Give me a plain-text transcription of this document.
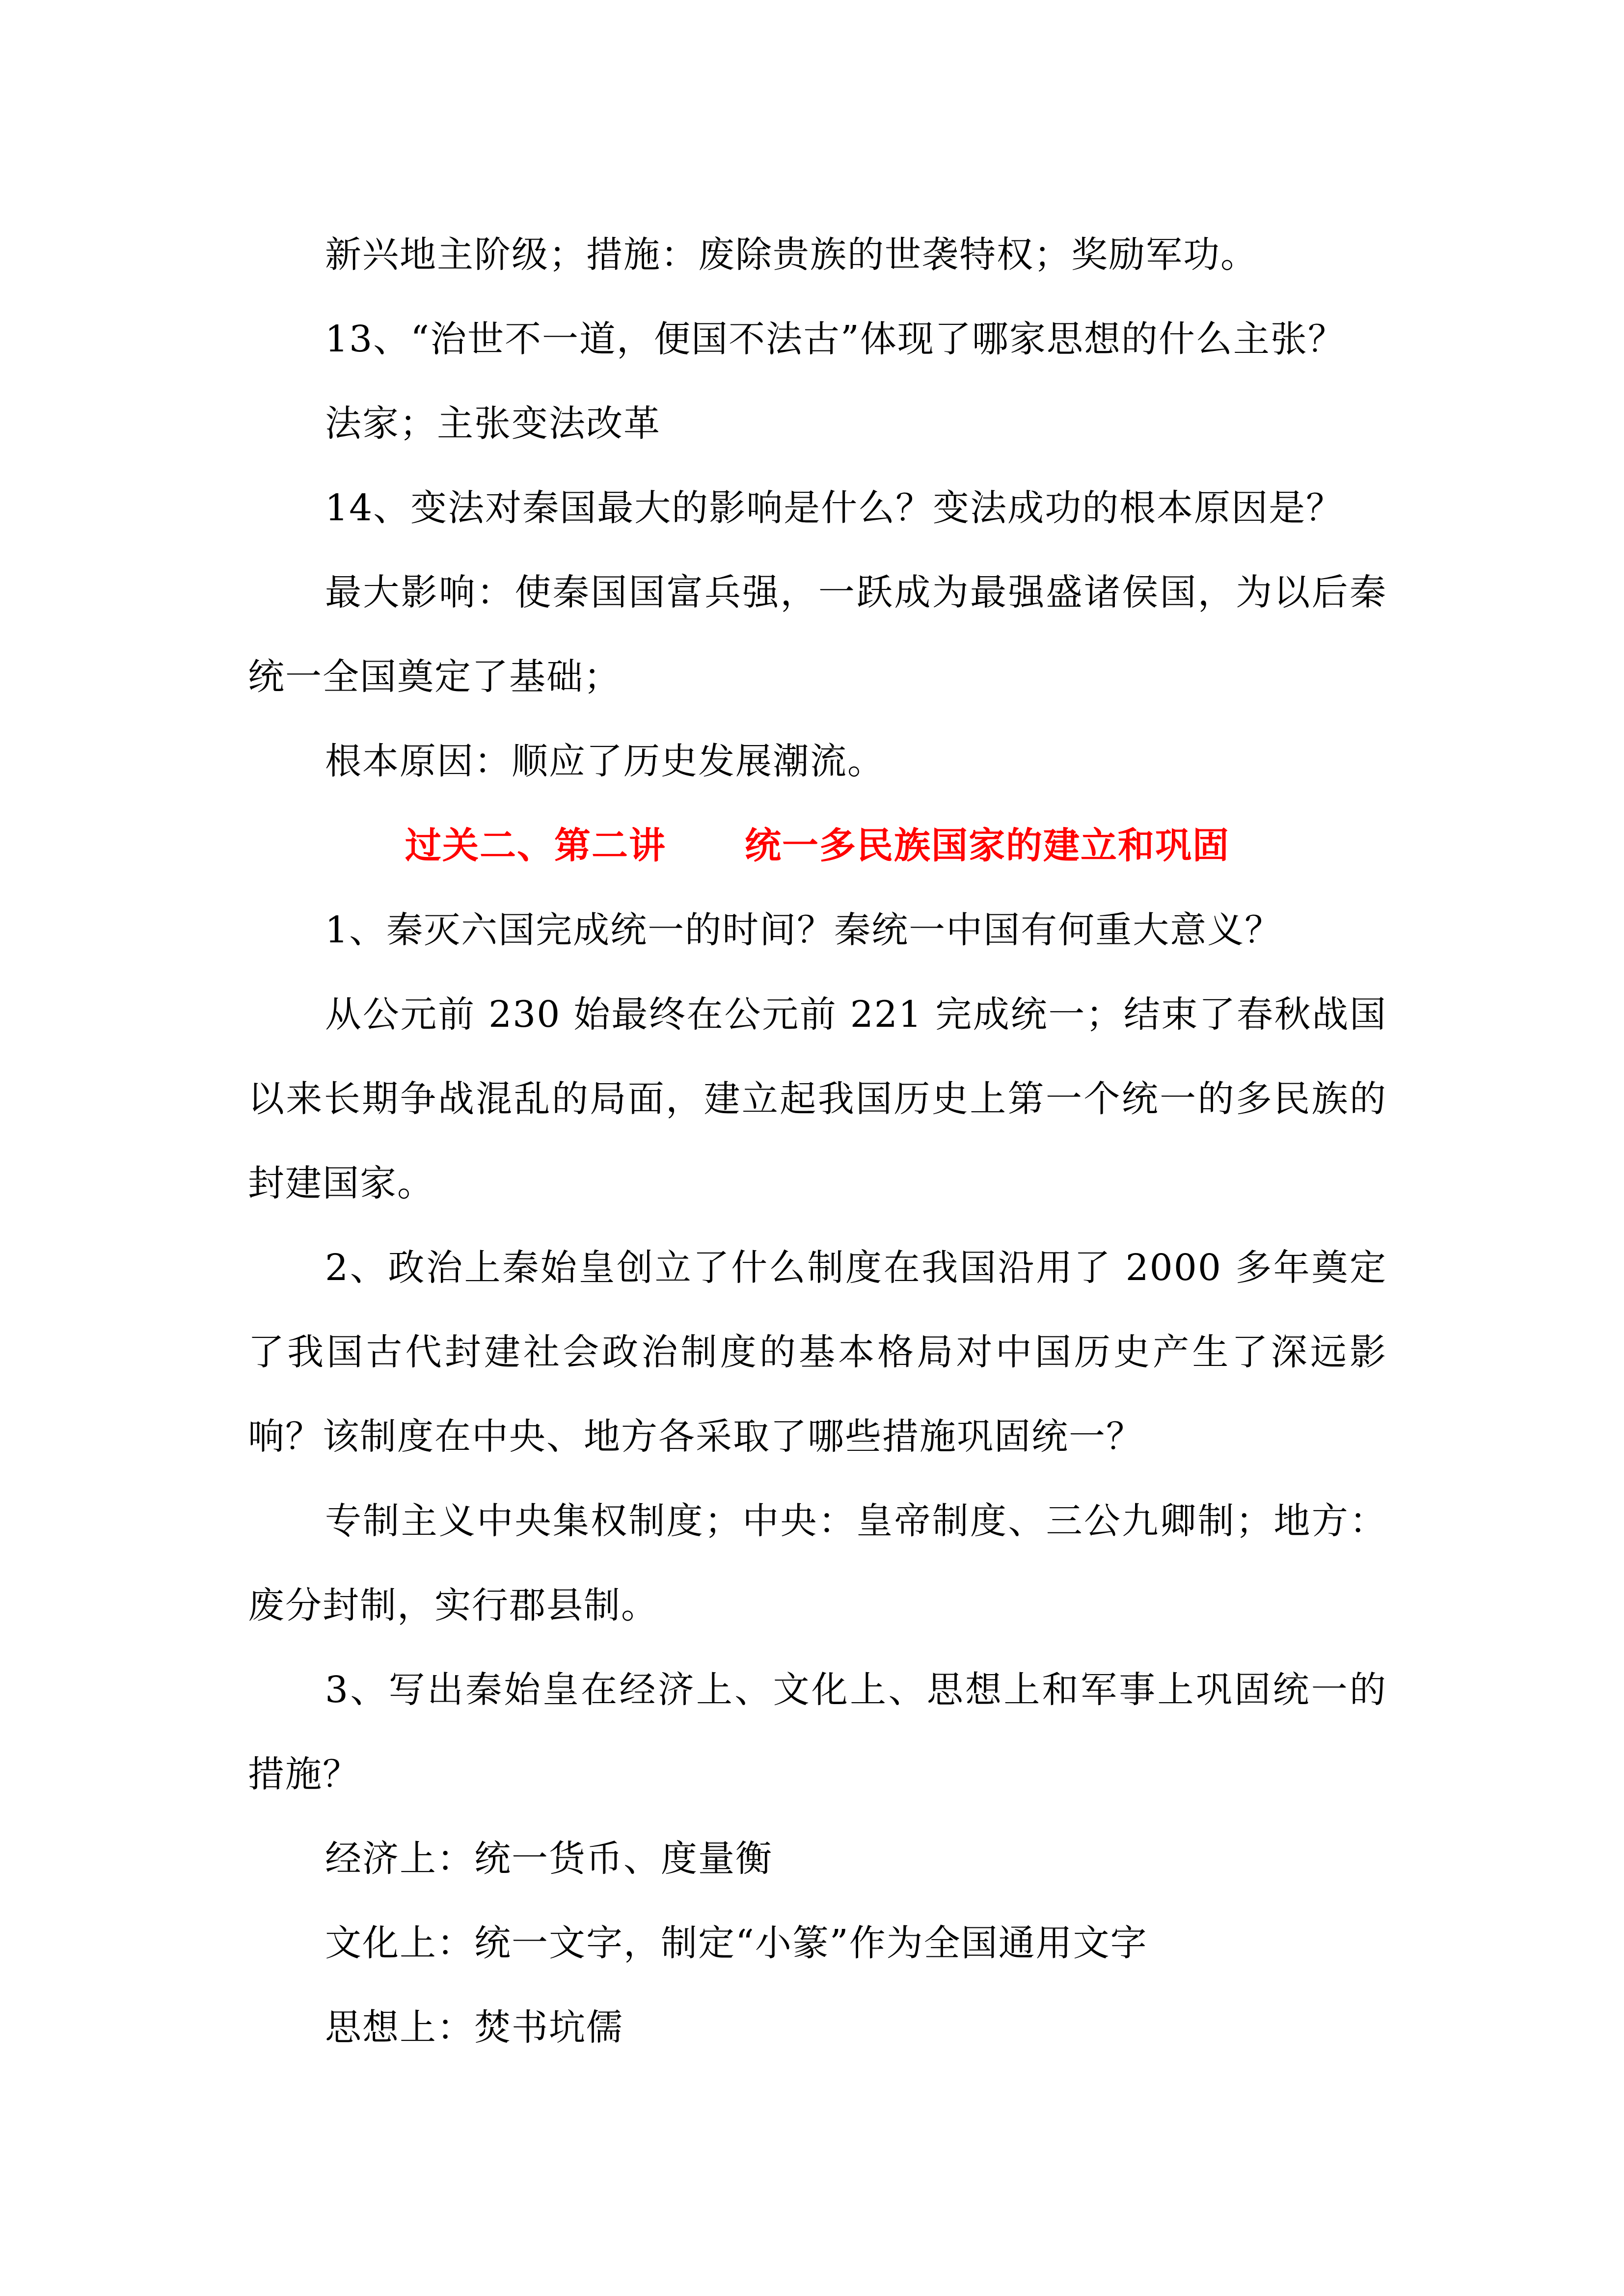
新兴地主阶级；措施：废除贵族的世袭特权；奖励军功。

13、“治世不一道，便国不法古”体现了哪家思想的什么主张？

法家；主张变法改革

14、变法对秦国最大的影响是什么？变法成功的根本原因是？

最大影响：使秦国国富兵强，一跃成为最强盛诸侯国，为以后秦统一全国奠定了基础；

根本原因：顺应了历史发展潮流。

过关二、第二讲 统一多民族国家的建立和巩固

1、秦灭六国完成统一的时间？秦统一中国有何重大意义？

从公元前 230 始最终在公元前 221 完成统一；结束了春秋战国以来长期争战混乱的局面，建立起我国历史上第一个统一的多民族的封建国家。

2、政治上秦始皇创立了什么制度在我国沿用了 2000 多年奠定了我国古代封建社会政治制度的基本格局对中国历史产生了深远影响？该制度在中央、地方各采取了哪些措施巩固统一？

专制主义中央集权制度；中央：皇帝制度、三公九卿制；地方：废分封制，实行郡县制。

3、写出秦始皇在经济上、文化上、思想上和军事上巩固统一的措施？

经济上：统一货币、度量衡

文化上：统一文字，制定“小篆”作为全国通用文字

思想上：焚书坑儒
